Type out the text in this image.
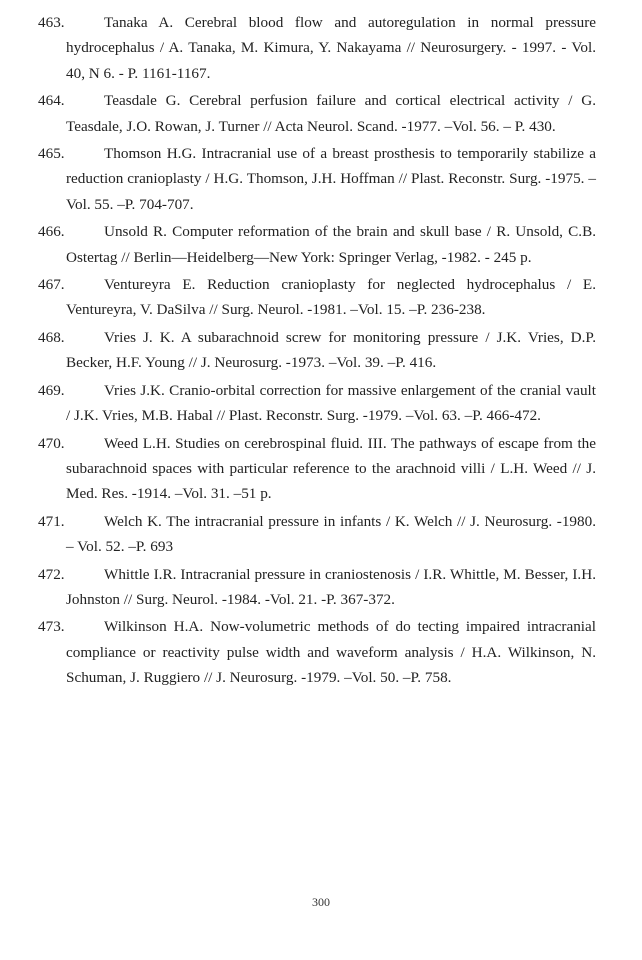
463.	Tanaka A. Cerebral blood flow and autoregulation in normal pressure hydrocephalus / A. Tanaka, M. Kimura, Y. Nakayama // Neurosurgery. - 1997. - Vol. 40, N 6. - P. 1161-1167.
464.	Teasdale G. Cerebral perfusion failure and cortical electrical activity / G. Teasdale, J.O. Rowan, J. Turner // Acta Neurol. Scand. -1977. –Vol. 56. – P. 430.
465.	Thomson H.G. Intracranial use of a breast prosthesis to temporarily stabilize a reduction cranioplasty / H.G. Thomson, J.H. Hoffman // Plast. Reconstr. Surg. -1975. –Vol. 55. –P. 704-707.
466.	Unsold R. Computer reformation of the brain and skull base / R. Unsold, C.B. Ostertag // Berlin—Heidelberg—New York: Springer Verlag, -1982. - 245 p.
467.	Ventureyra E. Reduction cranioplasty for neglected hydrocephalus / E. Ventureyra, V. DaSilva // Surg. Neurol. -1981. –Vol. 15. –P. 236-238.
468.	Vries J. K. A subarachnoid screw for monitoring pressure / J.K. Vries, D.P. Becker, H.F. Young // J. Neurosurg. -1973. –Vol. 39. –P. 416.
469.	Vries J.K. Cranio-orbital correction for massive enlargement of the cranial vault / J.K. Vries, M.B. Habal // Plast. Reconstr. Surg. -1979. –Vol. 63. –P. 466-472.
470.	Weed L.H. Studies on cerebrospinal fluid. III. The pathways of escape from the subarachnoid spaces with particular reference to the arachnoid villi / L.H. Weed // J. Med. Res. -1914. –Vol. 31. –51 p.
471.	Welch K. The intracranial pressure in infants / K. Welch // J. Neurosurg. -1980. – Vol. 52. –P. 693
472.	Whittle I.R. Intracranial pressure in craniostenosis / I.R. Whittle, M. Besser, I.H. Johnston // Surg. Neurol. -1984. -Vol. 21. -P. 367-372.
473.	Wilkinson H.A. Now-volumetric methods of do tecting impaired intracranial compliance or reactivity pulse width and waveform analysis / H.A. Wilkinson, N. Schuman, J. Ruggiero // J. Neurosurg. -1979. –Vol. 50. –P. 758.
300
